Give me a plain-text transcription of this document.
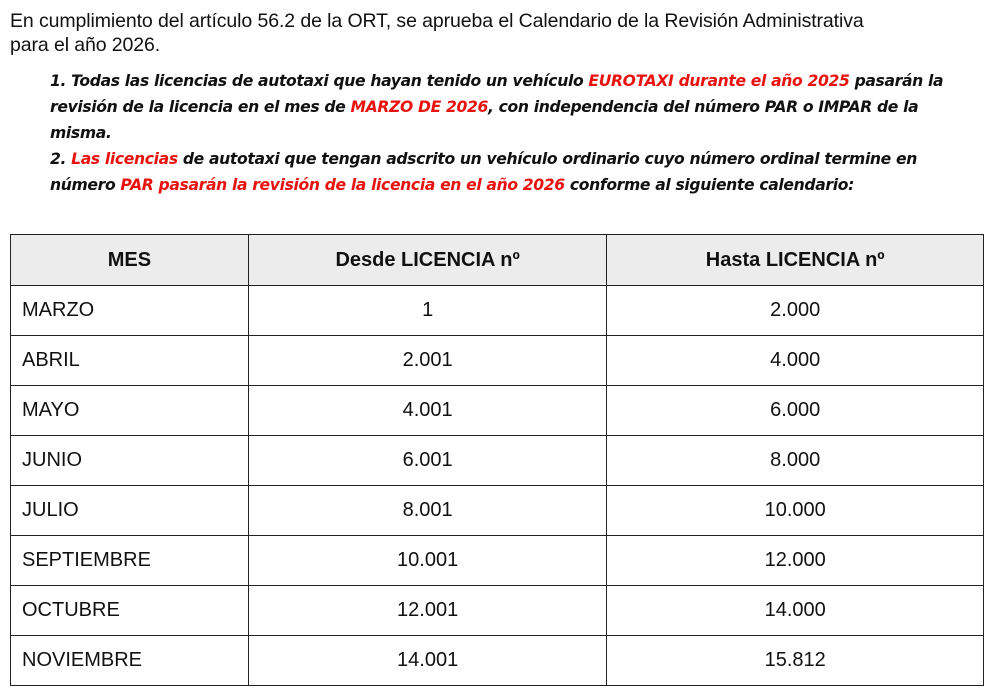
En cumplimiento del artículo 56.2 de la ORT, se aprueba el Calendario de la Revisión Administrativa
para el año 2026.
1. Todas las licencias de autotaxi que hayan tenido un vehículo EUROTAXI durante el año 2025 pasarán la revisión de la licencia en el mes de MARZO DE 2026, con independencia del número PAR o IMPAR de la misma.
2. Las licencias de autotaxi que tengan adscrito un vehículo ordinario cuyo número ordinal termine en número PAR pasarán la revisión de la licencia en el año 2026 conforme al siguiente calendario:
MES	Desde LICENCIA nº	Hasta LICENCIA nº
MARZO	1	2.000
ABRIL	2.001	4.000
MAYO	4.001	6.000
JUNIO	6.001	8.000
JULIO	8.001	10.000
SEPTIEMBRE	10.001	12.000
OCTUBRE	12.001	14.000
NOVIEMBRE	14.001	15.812
